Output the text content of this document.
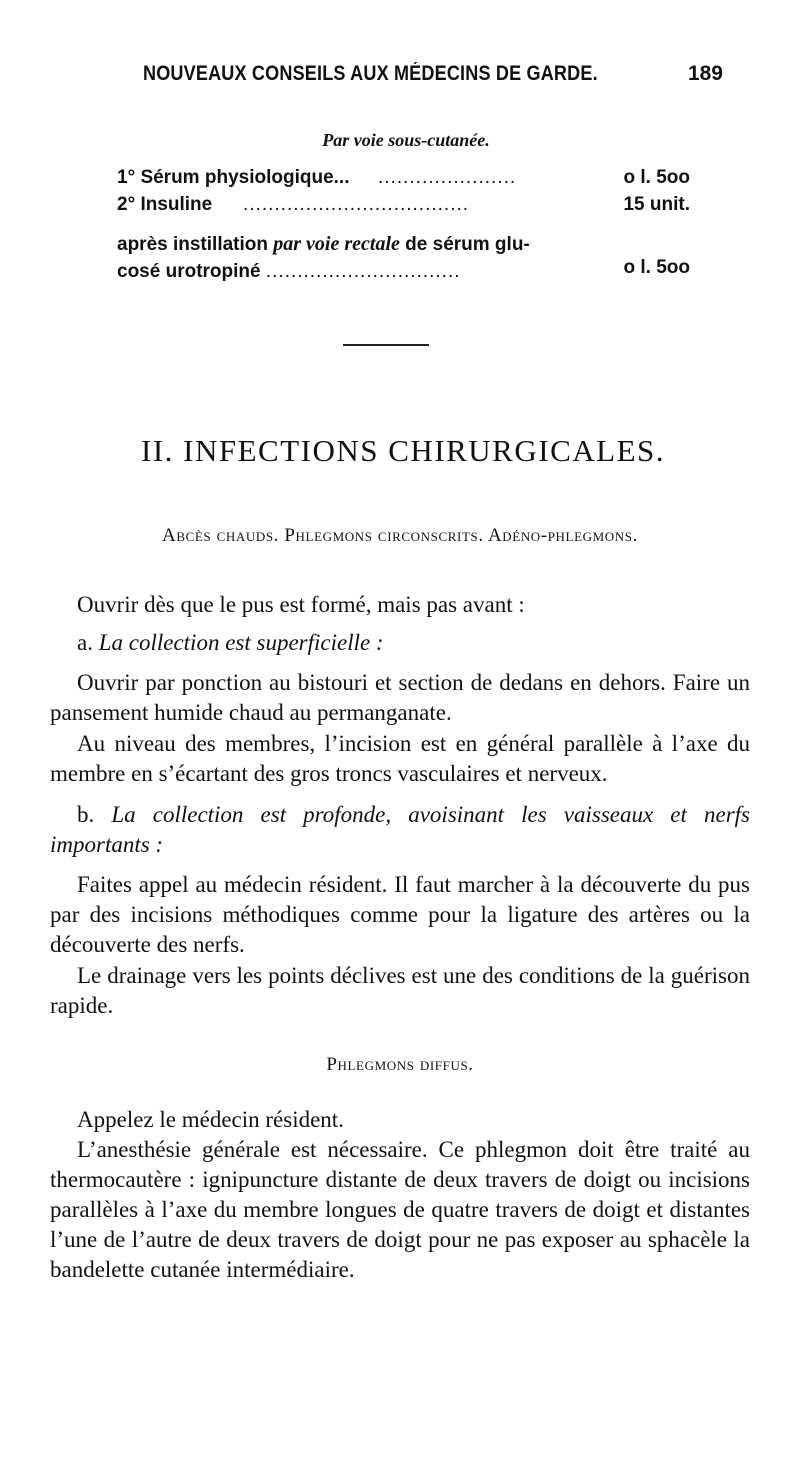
NOUVEAUX CONSEILS AUX MÉDECINS DE GARDE.	189
Par voie sous-cutanée.
1° Sérum physiologique... ......................	o l. 5oo
2° Insuline ....................................	15 unit.
après instillation par voie rectale de sérum glu-
cosé urotropiné ...............................	o l. 5oo
II. INFECTIONS CHIRURGICALES.
Abcès chauds. Phlegmons circonscrits. Adéno-phlegmons.
Ouvrir dès que le pus est formé, mais pas avant :
a. La collection est superficielle :
Ouvrir par ponction au bistouri et section de dedans en dehors. Faire un pansement humide chaud au permanganate.
Au niveau des membres, l’incision est en général parallèle à l’axe du membre en s’écartant des gros troncs vasculaires et nerveux.
b. La collection est profonde, avoisinant les vaisseaux et nerfs importants :
Faites appel au médecin résident. Il faut marcher à la découverte du pus par des incisions méthodiques comme pour la ligature des artères ou la découverte des nerfs.
Le drainage vers les points déclives est une des conditions de la guérison rapide.
Phlegmons diffus.
Appelez le médecin résident.
L’anesthésie générale est nécessaire. Ce phlegmon doit être traité au thermocautère : ignipuncture distante de deux travers de doigt ou incisions parallèles à l’axe du membre longues de quatre travers de doigt et distantes l’une de l’autre de deux travers de doigt pour ne pas exposer au sphacèle la bandelette cutanée intermédiaire.
